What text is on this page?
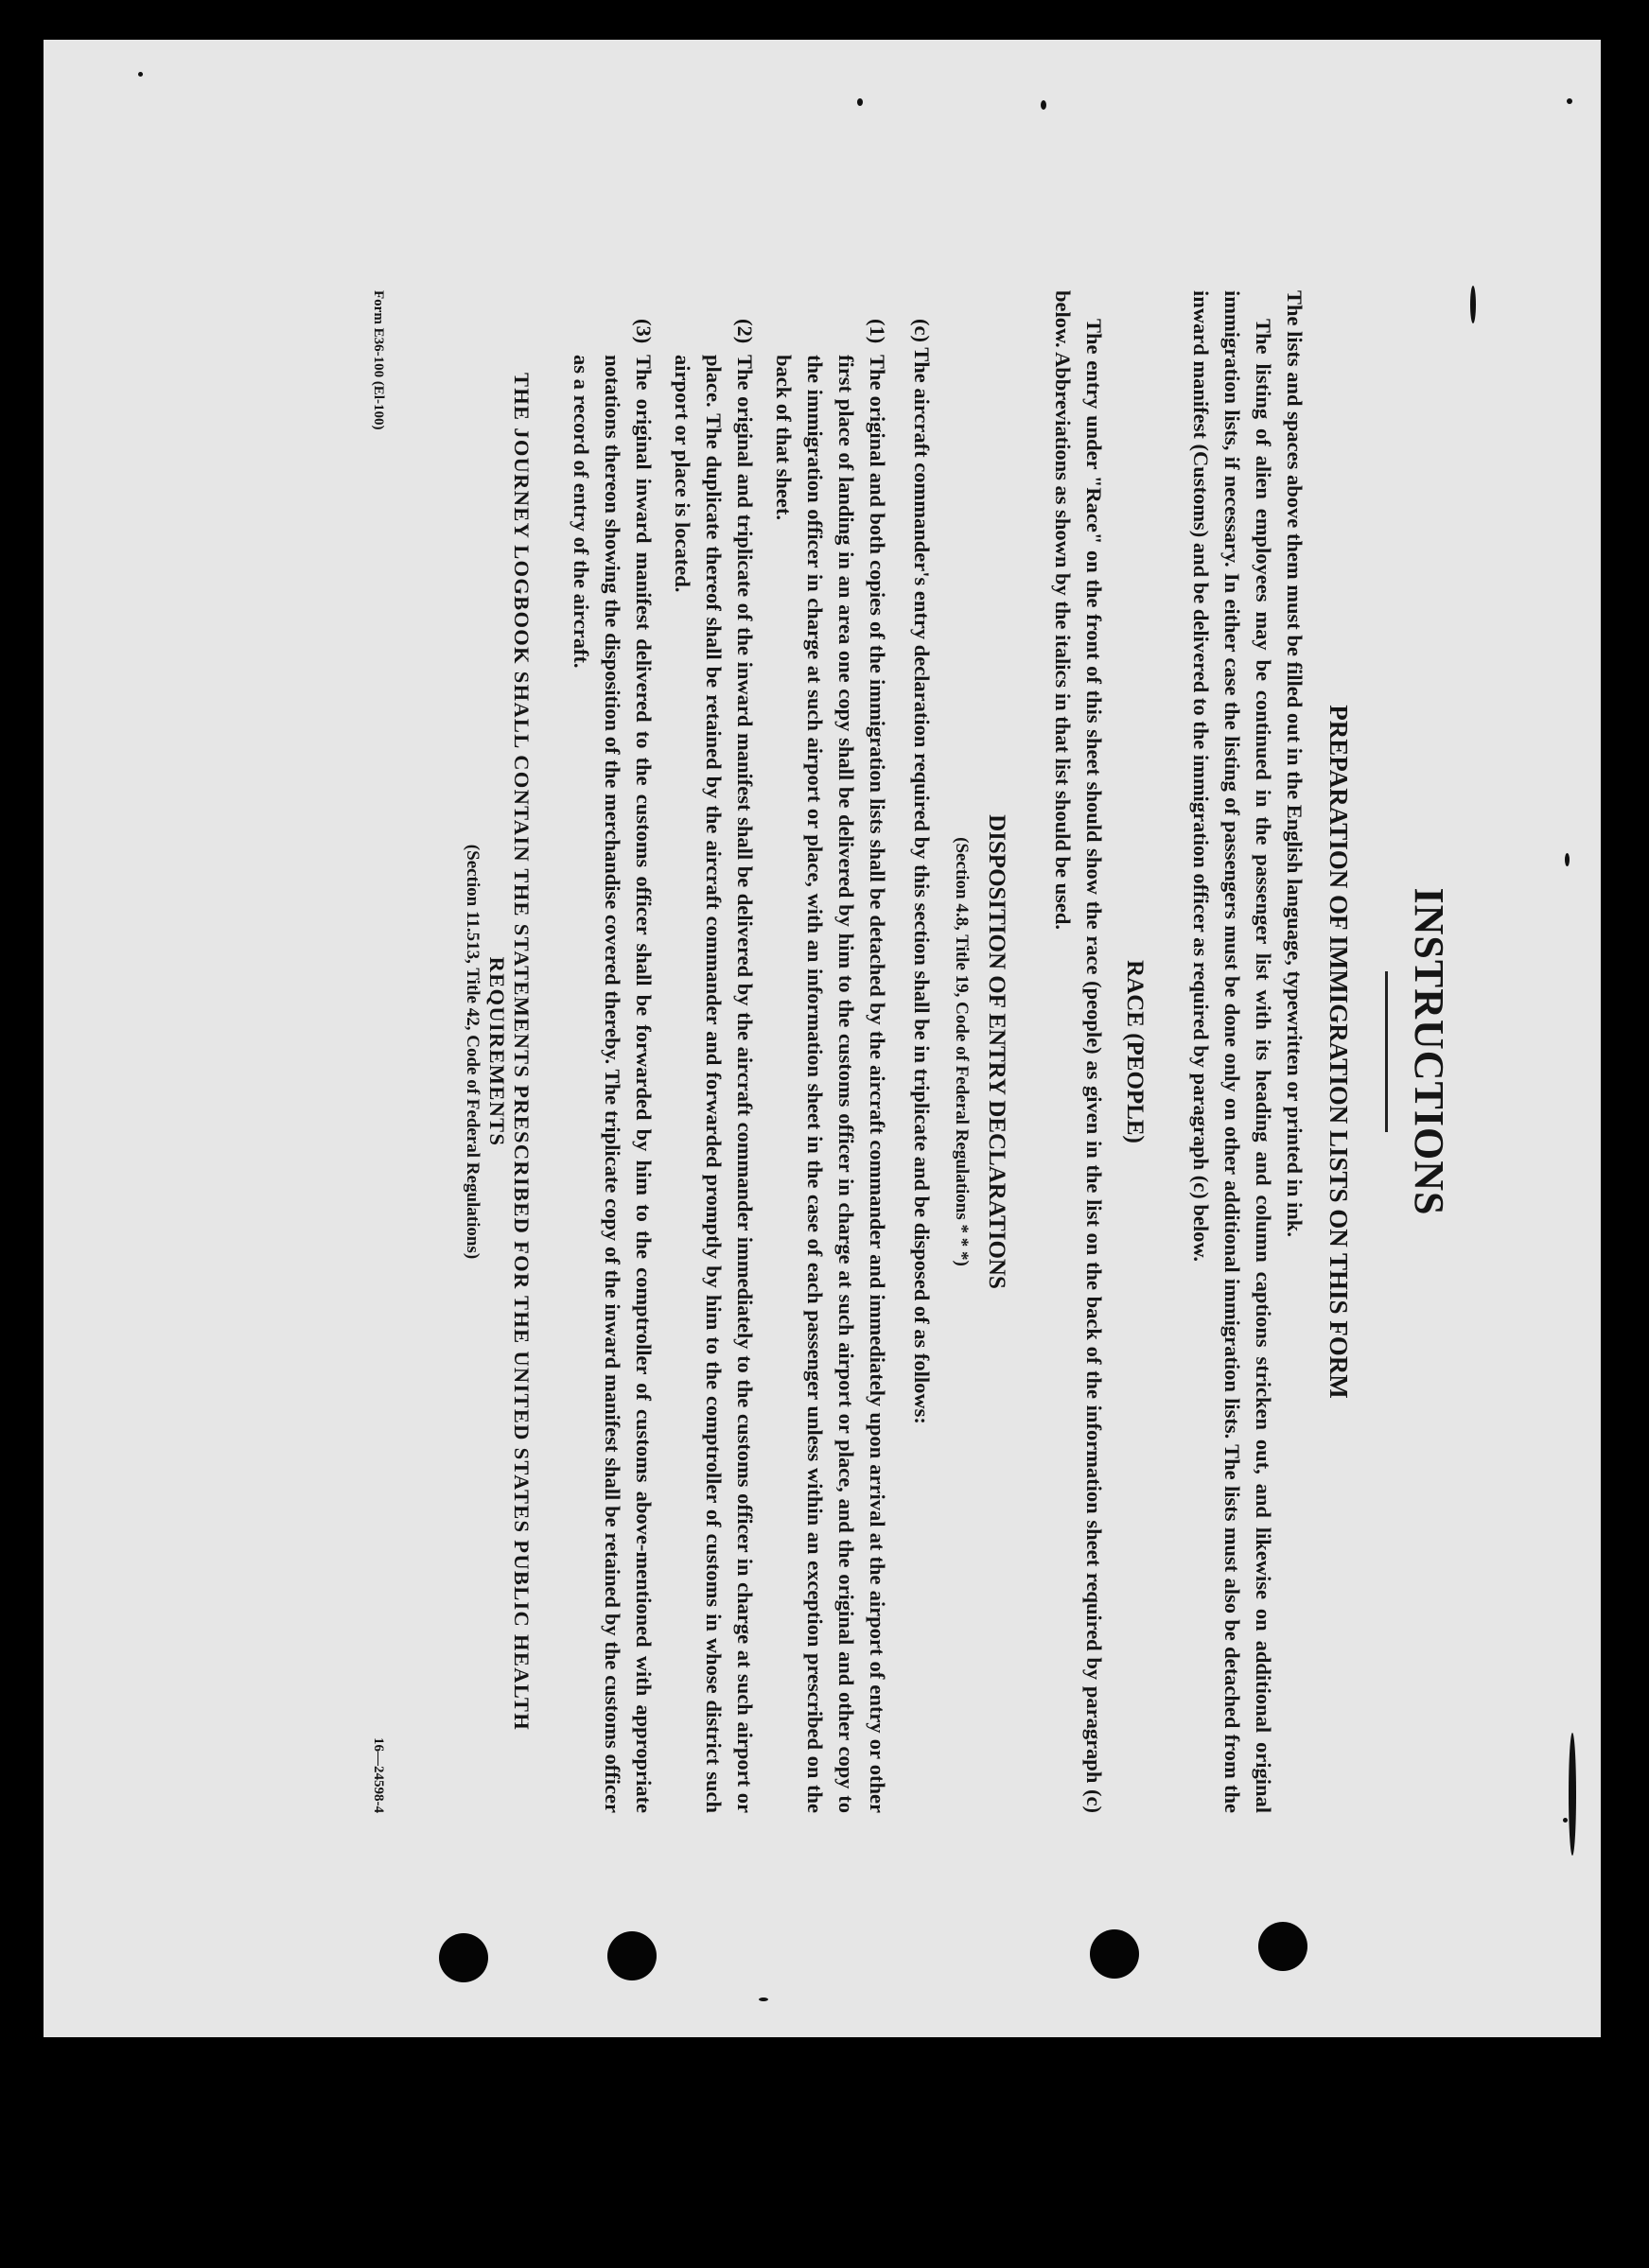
INSTRUCTIONS
PREPARATION OF IMMIGRATION LISTS ON THIS FORM

The lists and spaces above them must be filled out in the English language, typewritten or printed in ink.

The listing of alien employees may be continued in the passenger list with its heading and column captions stricken out, and likewise on additional original immigration lists, if necessary. In either case the listing of passengers must be done only on other additional immigration lists. The lists must also be detached from the inward manifest (Customs) and be delivered to the immigration officer as required by paragraph (c) below.

RACE (PEOPLE)

The entry under "Race" on the front of this sheet should show the race (people) as given in the list on the back of the information sheet required by paragraph (c) below. Abbreviations as shown by the italics in that list should be used.

DISPOSITION OF ENTRY DECLARATIONS
(Section 4.8, Title 19, Code of Federal Regulations * * *)

(c) The aircraft commander's entry declaration required by this section shall be in triplicate and be disposed of as follows:

(1)
The original and both copies of the immigration lists shall be detached by the aircraft commander and immediately upon arrival at the airport of entry or other first place of landing in an area one copy shall be delivered by him to the customs officer in charge at such airport or place, and the original and other copy to the immigration officer in charge at such airport or place, with an information sheet in the case of each passenger unless within an exception prescribed on the back of that sheet.
(2)
The original and triplicate of the inward manifest shall be delivered by the aircraft commander immediately to the customs officer in charge at such airport or place. The duplicate thereof shall be retained by the aircraft commander and forwarded promptly by him to the comptroller of customs in whose district such airport or place is located.
(3)
The original inward manifest delivered to the customs officer shall be forwarded by him to the comptroller of customs above-mentioned with appropriate notations thereon showing the disposition of the merchandise covered thereby. The triplicate copy of the inward manifest shall be retained by the customs officer as a record of entry of the aircraft.
THE JOURNEY LOGBOOK SHALL CONTAIN THE STATEMENTS PRESCRIBED FOR THE UNITED STATES PUBLIC HEALTH REQUIREMENTS
(Section 11.513, Title 42, Code of Federal Regulations)
Form E36-100 (El-100)
16—24598-4
